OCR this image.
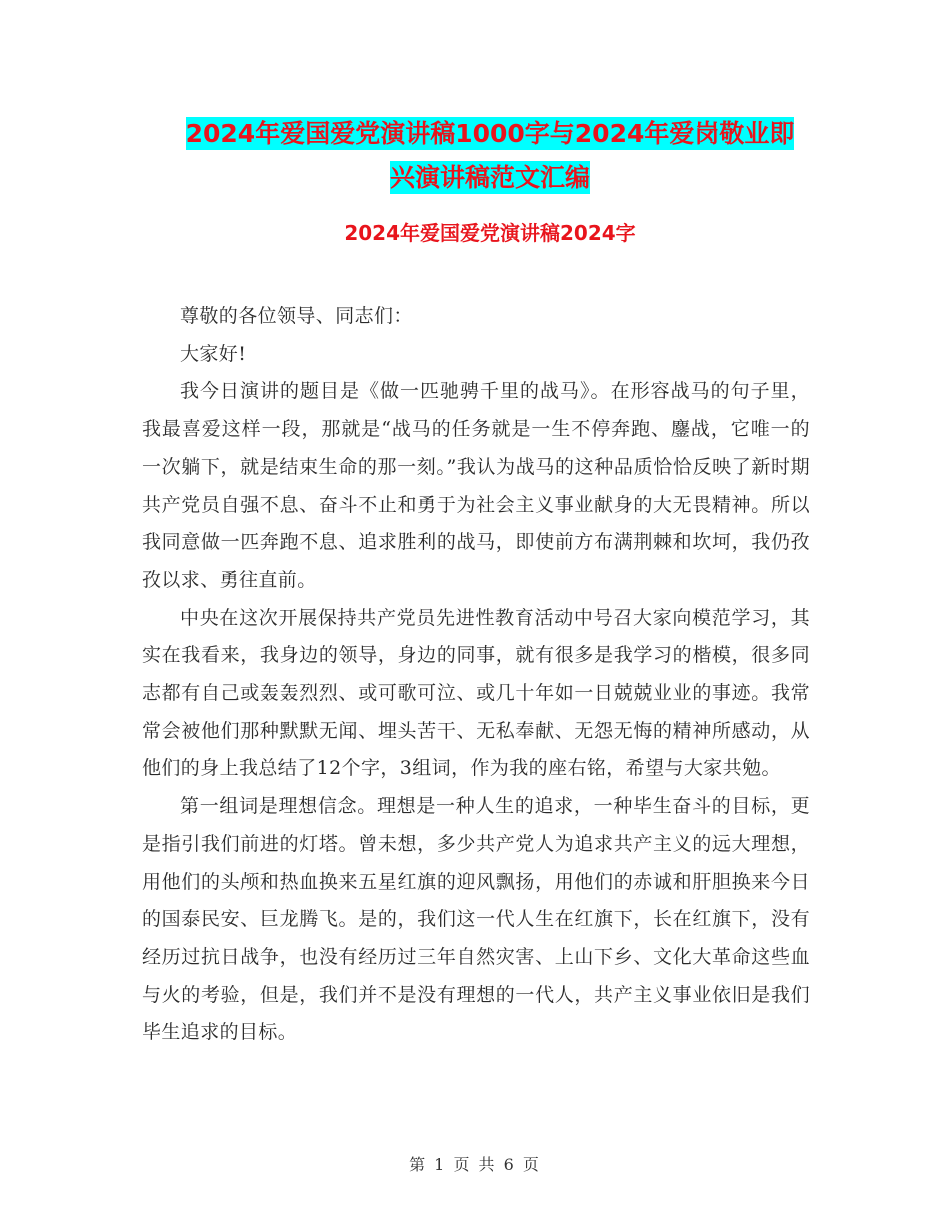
2024年爱国爱党演讲稿1000字与2024年爱岗敬业即
兴演讲稿范文汇编
2024年爱国爱党演讲稿2024字

尊敬的各位领导、同志们：

大家好!

我今日演讲的题目是《做一匹驰骋千里的战马》。在形容战马的句子里，我最喜爱这样一段，那就是“战马的任务就是一生不停奔跑、鏖战，它唯一的一次躺下，就是结束生命的那一刻。”我认为战马的这种品质恰恰反映了新时期共产党员自强不息、奋斗不止和勇于为社会主义事业献身的大无畏精神。所以我同意做一匹奔跑不息、追求胜利的战马，即使前方布满荆棘和坎坷，我仍孜孜以求、勇往直前。

中央在这次开展保持共产党员先进性教育活动中号召大家向模范学习，其实在我看来，我身边的领导，身边的同事，就有很多是我学习的楷模，很多同志都有自己或轰轰烈烈、或可歌可泣、或几十年如一日兢兢业业的事迹。我常常会被他们那种默默无闻、埋头苦干、无私奉献、无怨无悔的精神所感动，从他们的身上我总结了12个字，3组词，作为我的座右铭，希望与大家共勉。

第一组词是理想信念。理想是一种人生的追求，一种毕生奋斗的目标，更是指引我们前进的灯塔。曾未想，多少共产党人为追求共产主义的远大理想，用他们的头颅和热血换来五星红旗的迎风飘扬，用他们的赤诚和肝胆换来今日的国泰民安、巨龙腾飞。是的，我们这一代人生在红旗下，长在红旗下，没有经历过抗日战争，也没有经历过三年自然灾害、上山下乡、文化大革命这些血与火的考验，但是，我们并不是没有理想的一代人，共产主义事业依旧是我们毕生追求的目标。

第 1 页 共 6 页
